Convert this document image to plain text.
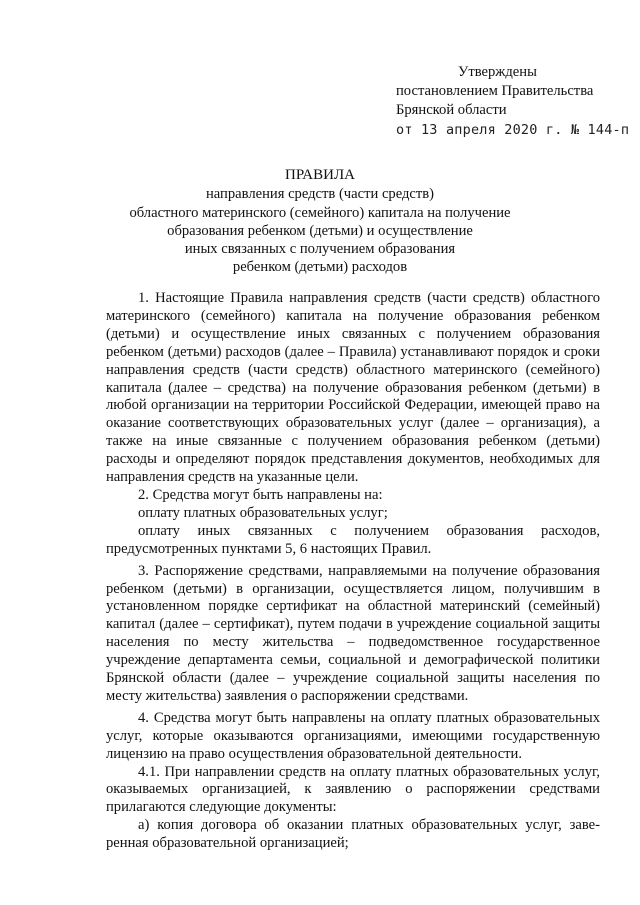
Утверждены
постановлением Правительства
Брянской области
от 13 апреля 2020 г. № 144-п
ПРАВИЛА
направления средств (части средств)
областного материнского (семейного) капитала на получение
образования ребенком (детьми) и осуществление
иных связанных с получением образования
ребенком (детьми) расходов

1. Настоящие Правила направления средств (части средств) областного материнского (семейного) капитала на получение образования ребенком (детьми) и осуществление иных связанных с получением образования ребенком (детьми) расходов (далее – Правила) устанавливают порядок и сроки направления средств (части средств) областного материнского (семейного) капитала (далее – средства) на получение образования ребенком (детьми) в любой организации на территории Российской Федерации, имеющей право на оказание соответствующих образовательных услуг (далее – организация), а также на иные связанные с получением образования ребенком (детьми) расходы и определяют порядок представления документов, необходимых для направления средств на указанные цели.

2. Средства могут быть направлены на:

оплату платных образовательных услуг;

оплату иных связанных с получением образования расходов, предусмотренных пунктами 5, 6 настоящих Правил.

3. Распоряжение средствами, направляемыми на получение образования ребенком (детьми) в организации, осуществляется лицом, получившим в установленном порядке сертификат на областной материнский (семейный) капитал (далее – сертификат), путем подачи в учреждение социальной защиты населения по месту жительства – подведомственное государственное учреждение департамента семьи, социальной и демографической политики Брянской области (далее – учреждение социальной защиты населения по месту жительства) заявления о распоряжении средствами.

4. Средства могут быть направлены на оплату платных образовательных услуг, которые оказываются организациями, имеющими государственную лицензию на право осуществления образовательной деятельности.

4.1. При направлении средств на оплату платных образовательных услуг, оказываемых организацией, к заявлению о распоряжении средствами прилагаются следующие документы:

а) копия договора об оказании платных образовательных услуг, заверенная образовательной организацией;
